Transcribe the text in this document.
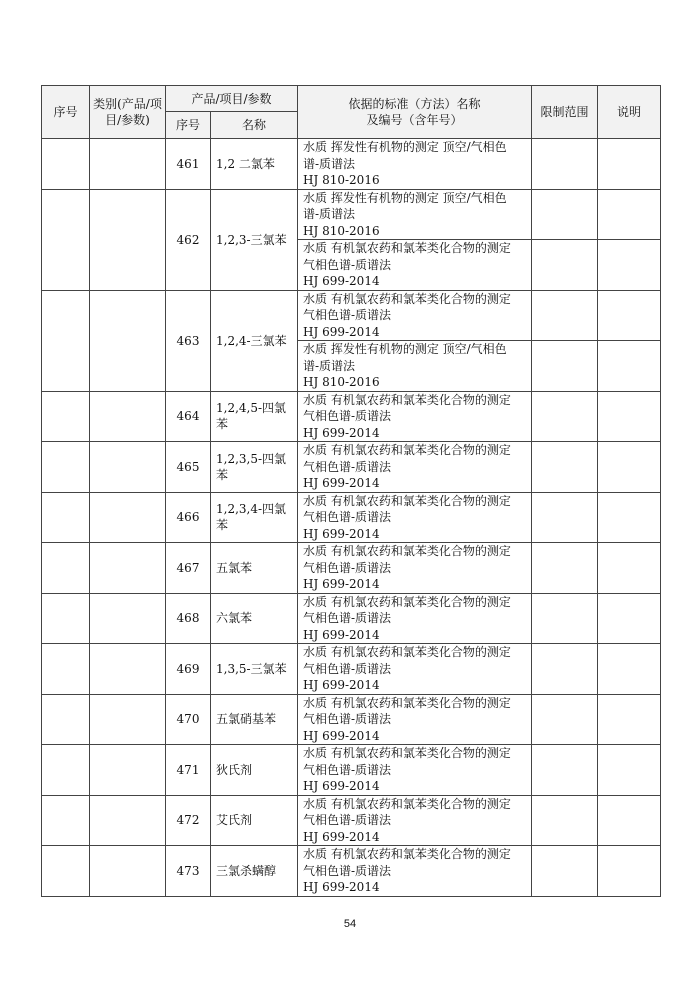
序号	类别(产品/项目/参数)	产品/项目/参数		依据的标准（方法）名称
及编号（含年号）	限制范围	说明
		序号	名称			
		461	1,2 二氯苯	水质 挥发性有机物的测定 顶空/气相色
谱-质谱法
HJ 810-2016		

		462	1,2,3-三氯苯	水质 挥发性有机物的测定 顶空/气相色
谱-质谱法
HJ 810-2016		

				水质 有机氯农药和氯苯类化合物的测定
气相色谱-质谱法
HJ 699-2014		

		463	1,2,4-三氯苯	水质 有机氯农药和氯苯类化合物的测定
气相色谱-质谱法
HJ 699-2014		

				水质 挥发性有机物的测定 顶空/气相色
谱-质谱法
HJ 810-2016		

		464	1,2,4,5-四氯苯	水质 有机氯农药和氯苯类化合物的测定
气相色谱-质谱法
HJ 699-2014		

		465	1,2,3,5-四氯苯	水质 有机氯农药和氯苯类化合物的测定
气相色谱-质谱法
HJ 699-2014		

		466	1,2,3,4-四氯苯	水质 有机氯农药和氯苯类化合物的测定
气相色谱-质谱法
HJ 699-2014		

		467	五氯苯	水质 有机氯农药和氯苯类化合物的测定
气相色谱-质谱法
HJ 699-2014		

		468	六氯苯	水质 有机氯农药和氯苯类化合物的测定
气相色谱-质谱法
HJ 699-2014		

		469	1,3,5-三氯苯	水质 有机氯农药和氯苯类化合物的测定
气相色谱-质谱法
HJ 699-2014		

		470	五氯硝基苯	水质 有机氯农药和氯苯类化合物的测定
气相色谱-质谱法
HJ 699-2014		

		471	狄氏剂	水质 有机氯农药和氯苯类化合物的测定
气相色谱-质谱法
HJ 699-2014		

		472	艾氏剂	水质 有机氯农药和氯苯类化合物的测定
气相色谱-质谱法
HJ 699-2014		

		473	三氯杀螨醇	水质 有机氯农药和氯苯类化合物的测定
气相色谱-质谱法
HJ 699-2014		

54
